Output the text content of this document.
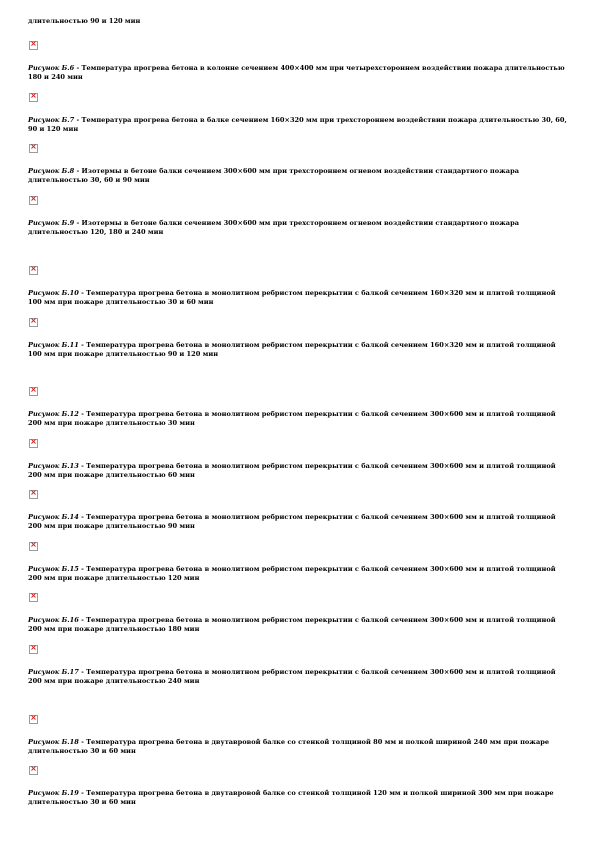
длительностью 90 и 120 мин
×
Рисунок Б.6 - Температура прогрева бетона в колонне сечением 400×400 мм при четырехстороннем воздействии пожара длительностью 180 и 240 мин
×
Рисунок Б.7 - Температура прогрева бетона в балке сечением 160×320 мм при трехстороннем воздействии пожара длительностью 30, 60, 90 и 120 мин
×
Рисунок Б.8 - Изотермы в бетоне балки сечением 300×600 мм при трехстороннем огневом воздействии стандартного пожара длительностью 30, 60 и 90 мин
×
Рисунок Б.9 - Изотермы в бетоне балки сечением 300×600 мм при трехстороннем огневом воздействии стандартного пожара длительностью 120, 180 и 240 мин
×
Рисунок Б.10 - Температура прогрева бетона в монолитном ребристом перекрытии с балкой сечением 160×320 мм и плитой толщиной 100 мм при пожаре длительностью 30 и 60 мин
×
Рисунок Б.11 - Температура прогрева бетона в монолитном ребристом перекрытии с балкой сечением 160×320 мм и плитой толщиной 100 мм при пожаре длительностью 90 и 120 мин
×
Рисунок Б.12 - Температура прогрева бетона в монолитном ребристом перекрытии с балкой сечением 300×600 мм и плитой толщиной 200 мм при пожаре длительностью 30 мин
×
Рисунок Б.13 - Температура прогрева бетона в монолитном ребристом перекрытии с балкой сечением 300×600 мм и плитой толщиной 200 мм при пожаре длительностью 60 мин
×
Рисунок Б.14 - Температура прогрева бетона в монолитном ребристом перекрытии с балкой сечением 300×600 мм и плитой толщиной 200 мм при пожаре длительностью 90 мин
×
Рисунок Б.15 - Температура прогрева бетона в монолитном ребристом перекрытии с балкой сечением 300×600 мм и плитой толщиной 200 мм при пожаре длительностью 120 мин
×
Рисунок Б.16 - Температура прогрева бетона в монолитном ребристом перекрытии с балкой сечением 300×600 мм и плитой толщиной 200 мм при пожаре длительностью 180 мин
×
Рисунок Б.17 - Температура прогрева бетона в монолитном ребристом перекрытии с балкой сечением 300×600 мм и плитой толщиной 200 мм при пожаре длительностью 240 мин
×
Рисунок Б.18 - Температура прогрева бетона в двутавровой балке со стенкой толщиной 80 мм и полкой шириной 240 мм при пожаре длительностью 30 и 60 мин
×
Рисунок Б.19 - Температура прогрева бетона в двутавровой балке со стенкой толщиной 120 мм и полкой шириной 300 мм при пожаре длительностью 30 и 60 мин
